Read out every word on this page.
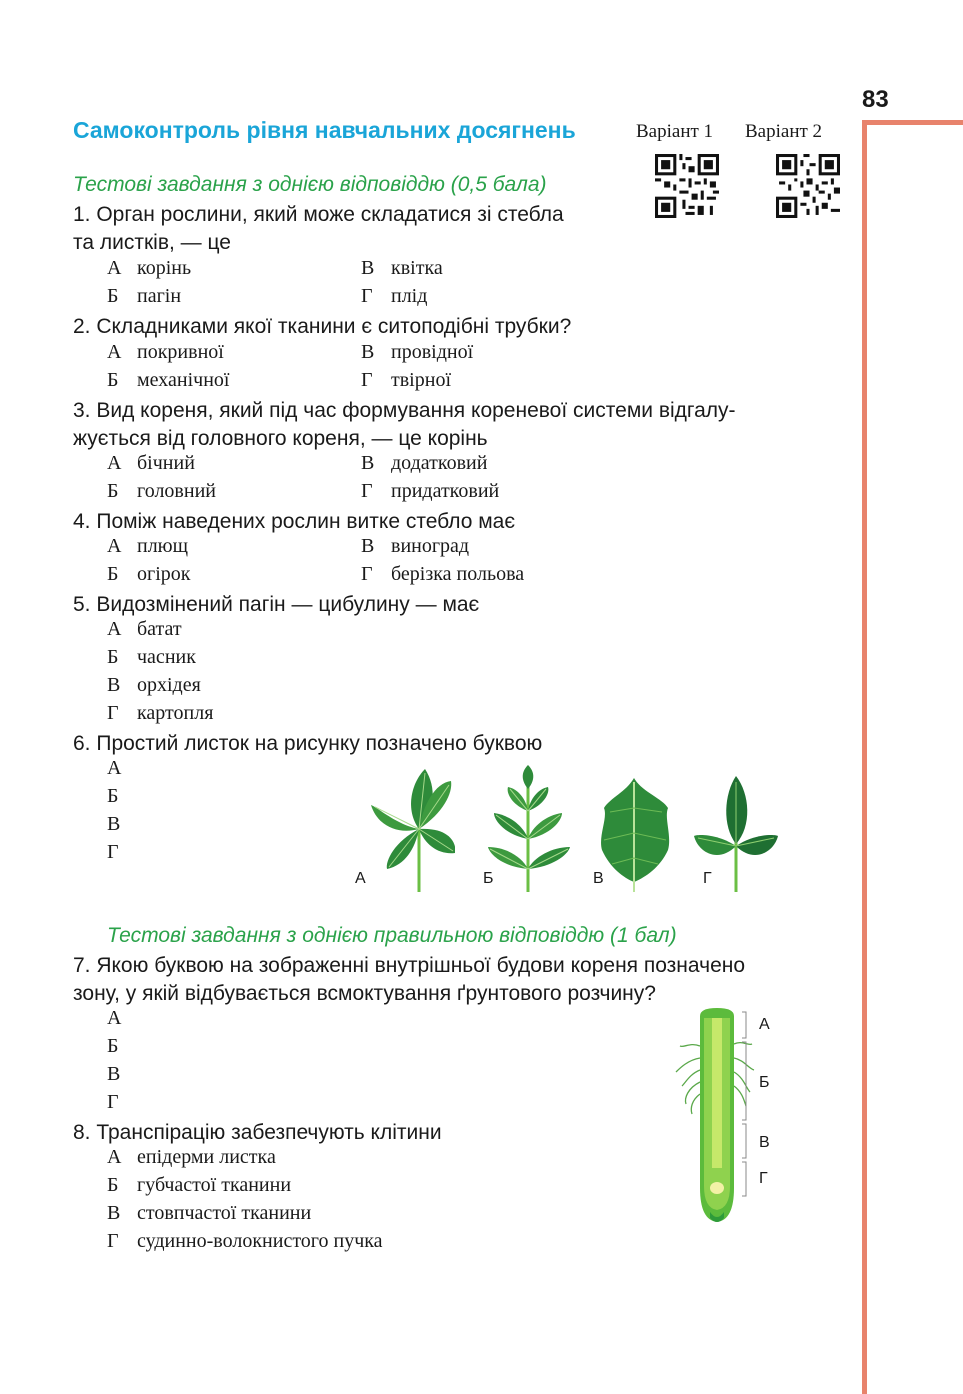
83
Самоконтроль рівня навчальних досягнень	Варіант 1 Варіант 2
Тестові завдання з однією відповіддю (0,5 бала)
1. Орган рослини, який може складатися зі стебла
та листків, — це
А корінь
Б пагін
В квітка
Г плід
2. Складниками якої тканини є ситоподібні трубки?
А покривної
Б механічної
В провідної
Г твірної
3. Вид кореня, який під час формування кореневої системи відгалу-
жується від головного кореня, — це корінь
А бічний
Б головний
В додатковий
Г придатковий
4. Поміж наведених рослин витке стебло має
А плющ
Б огірок
В виноград
Г берізка польова
5. Видозмінений пагін — цибулину — має
А батат
Б часник
В орхідея
Г картопля
6. Простий листок на рисунку позначено буквою
А
Б
В
Г
А	Б	В	Г
Тестові завдання з однією правильною відповіддю (1 бал)
7. Якою буквою на зображенні внутрішньої будови кореня позначено
зону, у якій відбувається всмоктування ґрунтового розчину?
А
Б
В
Г
А
Б
В
Г
8. Транспірацію забезпечують клітини
А епідерми листка
Б губчастої тканини
В стовпчастої тканини
Г судинно-волокнистого пучка
